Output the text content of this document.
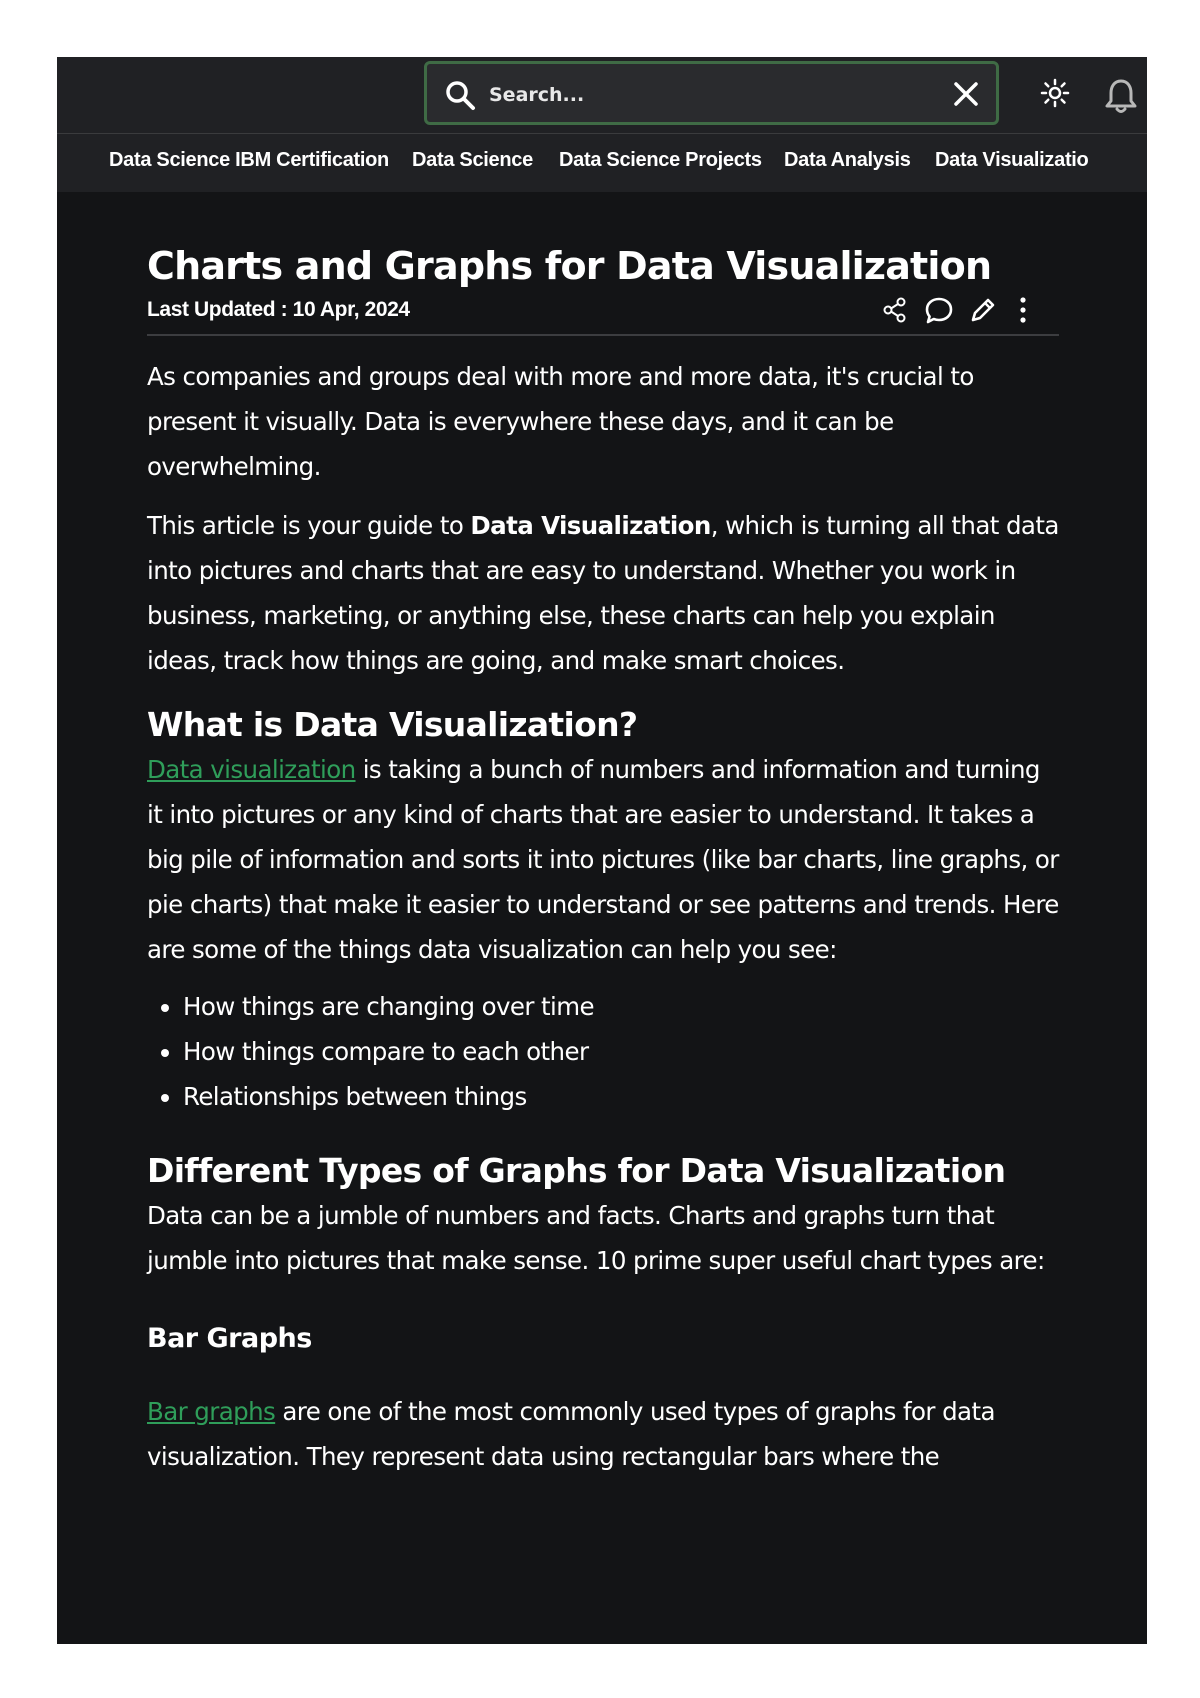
Search...
Data Science IBM Certification Data Science Data Science Projects Data Analysis Data Visualizatio
Charts and Graphs for Data Visualization
Last Updated : 10 Apr, 2024

As companies and groups deal with more and more data, it's crucial to present it visually. Data is everywhere these days, and it can be overwhelming.

This article is your guide to Data Visualization, which is turning all that data into pictures and charts that are easy to understand. Whether you work in business, marketing, or anything else, these charts can help you explain ideas, track how things are going, and make smart choices.

What is Data Visualization?

Data visualization is taking a bunch of numbers and information and turning it into pictures or any kind of charts that are easier to understand. It takes a big pile of information and sorts it into pictures (like bar charts, line graphs, or pie charts) that make it easier to understand or see patterns and trends. Here are some of the things data visualization can help you see:

• How things are changing over time
• How things compare to each other
• Relationships between things
Different Types of Graphs for Data Visualization

Data can be a jumble of numbers and facts. Charts and graphs turn that jumble into pictures that make sense. 10 prime super useful chart types are:

Bar Graphs

Bar graphs are one of the most commonly used types of graphs for data visualization. They represent data using rectangular bars where the
